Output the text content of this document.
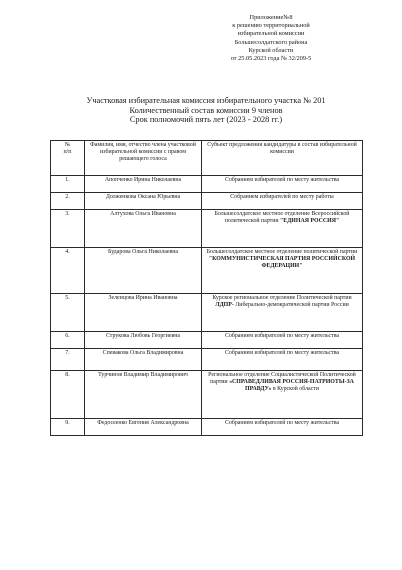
Приложение№8
к решению территориальной
избирательной комиссии
Большесолдатского района
Курской области
от 25.05.2023 года № 32/209-5
Участковая избирательная комиссия избирательного участка № 201
Количественный состав комиссии 9 членов
Срок полномочий пять лет (2023 - 2028 гг.)
№
п/п	Фамилия, имя, отчество члена участковой избирательной комиссии с правом решающего голоса	Субъект предложения кандидатуры в состав избирательной комиссии
1.	Апопченко Ирина Николаевна	Собранием избирателей по месту жительства
2.	Долженкова Оксана Юрьевна	Собранием избирателей по месту работы
3.	Алтухова Ольга Ивановна	Большесолдатское местное отделение Всероссийской политической партии "ЕДИНАЯ РОССИЯ"
4.	Бударова Ольга Николаевна	Большесолдатское местное отделение политической партии "КОММУНИСТИЧЕСКАЯ ПАРТИЯ РОССИЙСКОЙ ФЕДЕРАЦИИ"
5.	Зеленцова Ирина Ивановна	Курское региональное отделение Политической партии ЛДПР- Либерально-демократической партии России
6.	Струкова Любовь Георгиевна	Собранием избирателей по месту жительства
7.	Спевакова Ольга Владимировна	Собранием избирателей по месту жительства
8.	Турчинов Владимир Владимирович	Региональное отделение Социалистической Политической партии «СПРАВЕДЛИВАЯ РОССИЯ-ПАТРИОТЫ-ЗА ПРАВДУ» в Курской области
9.	Федосеенко Евгения Александровна	Собранием избирателей по месту жительства
